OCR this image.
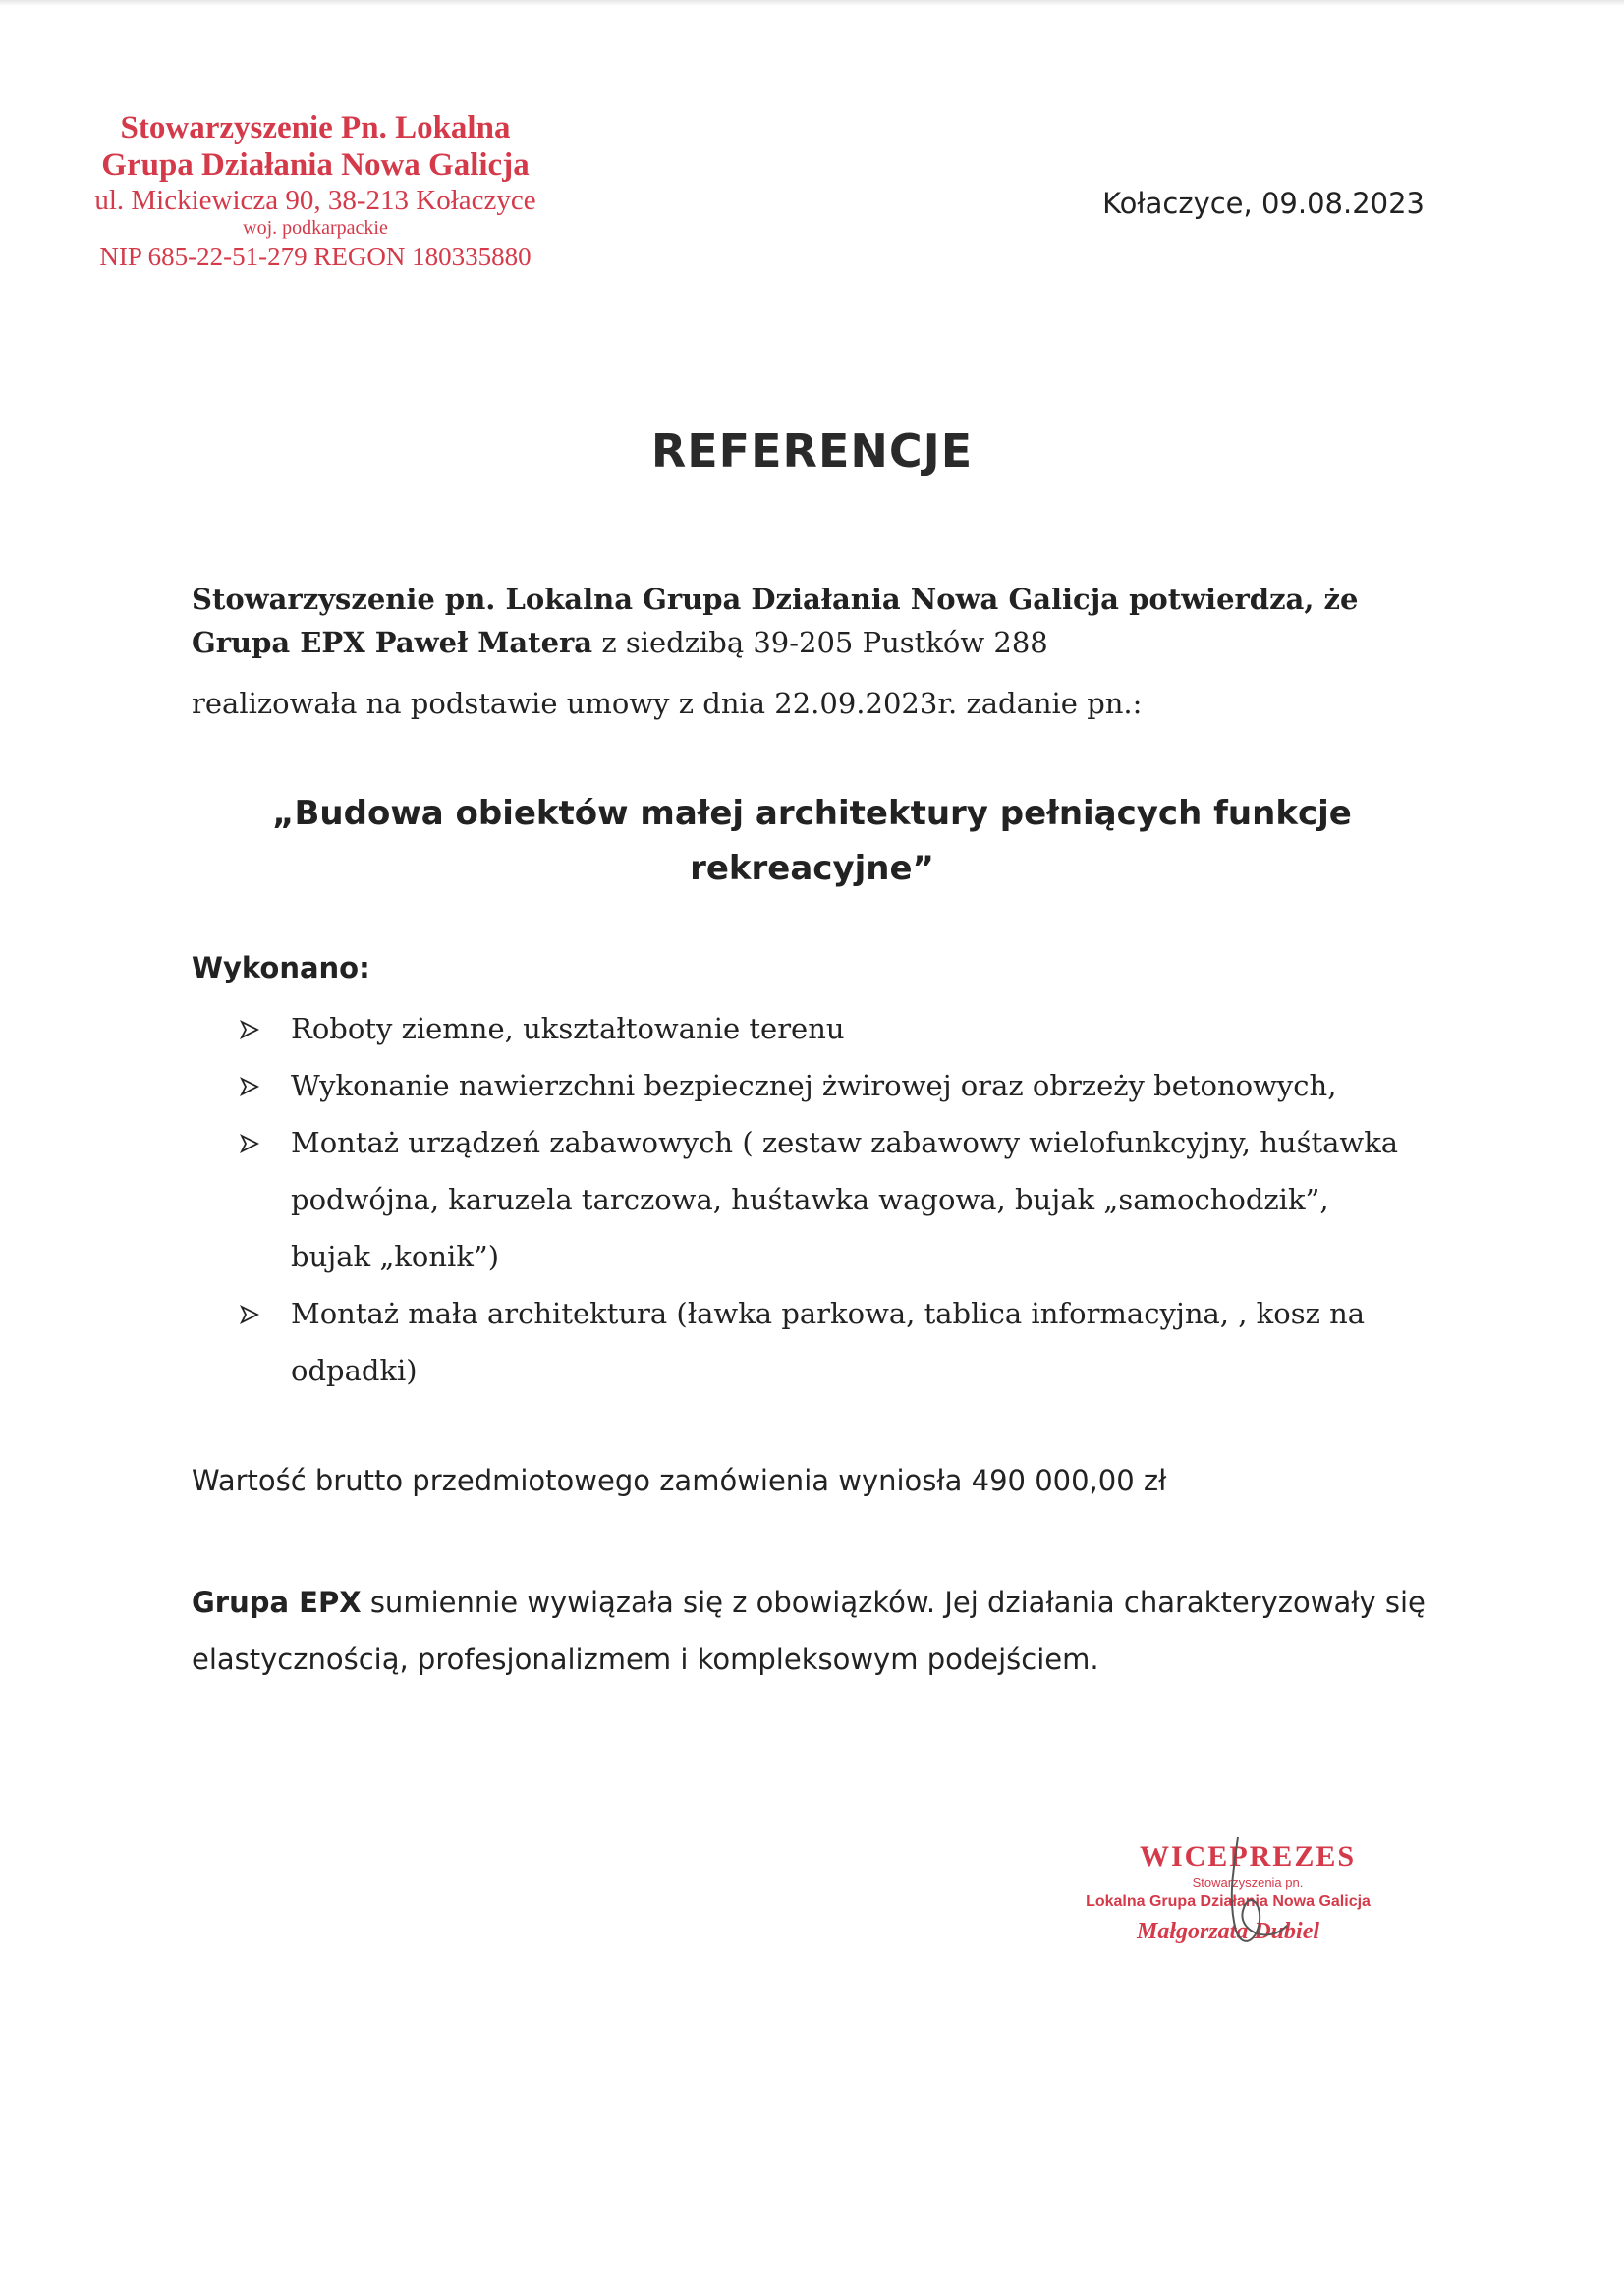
Stowarzyszenie Pn. Lokalna
Grupa Działania Nowa Galicja
ul. Mickiewicza 90, 38-213 Kołaczyce
woj. podkarpackie
NIP 685-22-51-279 REGON 180335880
Kołaczyce, 09.08.2023
REFERENCJE
Stowarzyszenie pn. Lokalna Grupa Działania Nowa Galicja potwierdza, że
Grupa EPX Paweł Matera z siedzibą 39-205 Pustków 288
realizowała na podstawie umowy z dnia 22.09.2023r. zadanie pn.:
„Budowa obiektów małej architektury pełniących funkcje
rekreacyjne”
Wykonano:
Roboty ziemne, ukształtowanie terenu
Wykonanie nawierzchni bezpiecznej żwirowej oraz obrzeży betonowych,
Montaż urządzeń zabawowych ( zestaw zabawowy wielofunkcyjny, huśtawka podwójna, karuzela tarczowa, huśtawka wagowa, bujak „samochodzik”, bujak „konik”)
Montaż mała architektura (ławka parkowa, tablica informacyjna, , kosz na odpadki)
Wartość brutto przedmiotowego zamówienia wyniosła 490 000,00 zł
Grupa EPX sumiennie wywiązała się z obowiązków. Jej działania charakteryzowały się elastycznością, profesjonalizmem i kompleksowym podejściem.
WICEPREZES
Stowarzyszenia pn.
Lokalna Grupa Działania Nowa Galicja
Małgorzata Dubiel
